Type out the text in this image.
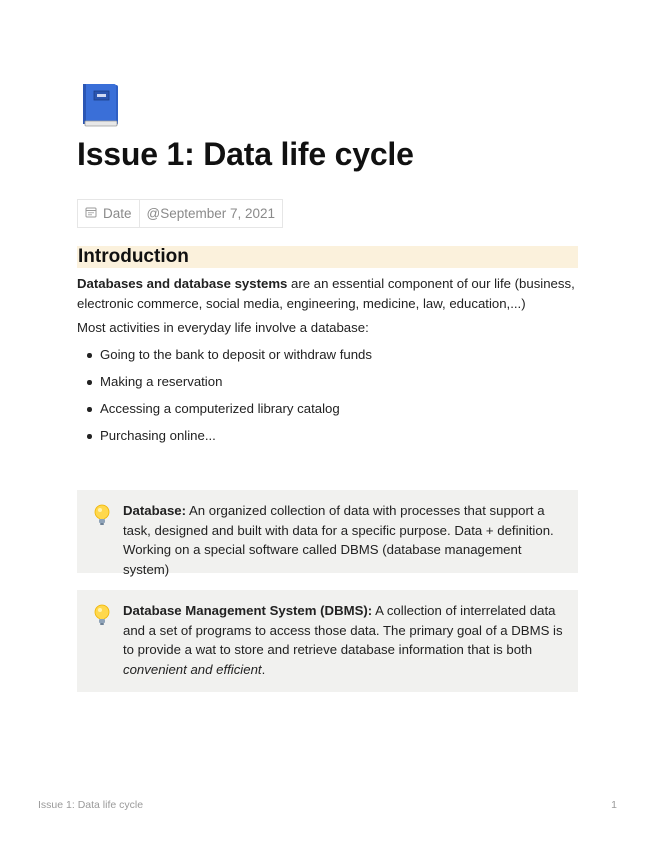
Issue 1: Data life cycle
Date	@September 7, 2021
Introduction

Databases and database systems are an essential component of our life (business, electronic commerce, social media, engineering, medicine, law, education,...)

Most activities in everyday life involve a database:

Going to the bank to deposit or withdraw funds
Making a reservation
Accessing a computerized library catalog
Purchasing online...
Database: An organized collection of data with processes that support a task, designed and built with data for a specific purpose. Data + definition. Working on a special software called DBMS (database management system)
Database Management System (DBMS): A collection of interrelated data and a set of programs to access those data. The primary goal of a DBMS is to provide a wat to store and retrieve database information that is both convenient and efficient.
Issue 1: Data life cycle	1
